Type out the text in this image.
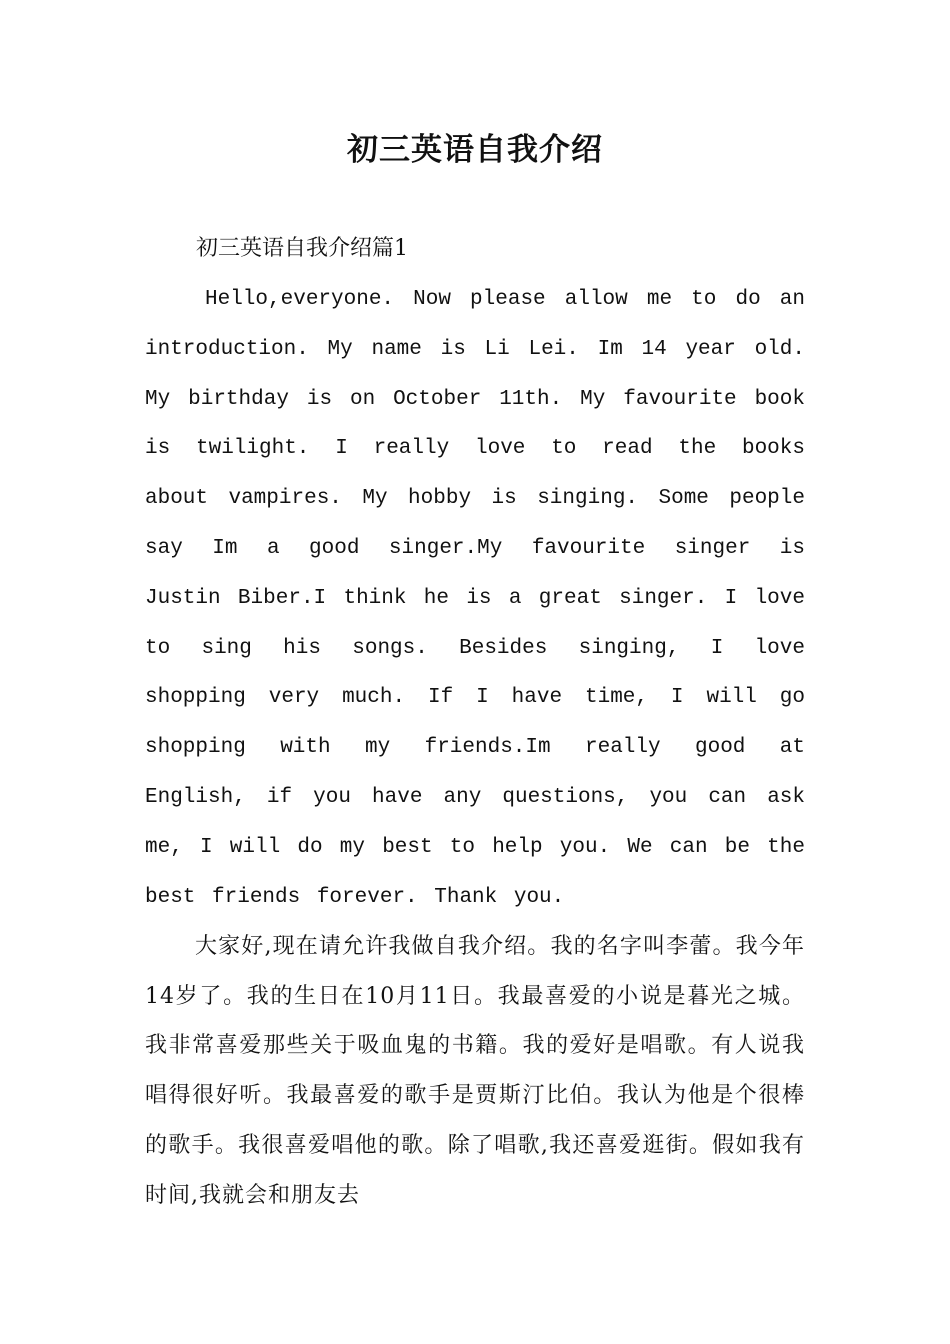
初三英语自我介绍
初三英语自我介绍篇1

Hello,everyone. Now please allow me to do an introduction. My name is Li Lei. Im 14 year old. My birthday is on October 11th. My favourite book is twilight. I really love to read the books about vampires. My hobby is singing. Some people say Im a good singer.My favourite singer is Justin Biber.I think he is a great singer. I love to sing his songs. Besides singing, I love shopping very much. If I have time, I will go shopping with my friends.Im really good at English, if you have any questions, you can ask me, I will do my best to help you. We can be the best friends forever. Thank you.

大家好,现在请允许我做自我介绍。我的名字叫李蕾。我今年14岁了。我的生日在10月11日。我最喜爱的小说是暮光之城。我非常喜爱那些关于吸血鬼的书籍。我的爱好是唱歌。有人说我唱得很好听。我最喜爱的歌手是贾斯汀比伯。我认为他是个很棒的歌手。我很喜爱唱他的歌。除了唱歌,我还喜爱逛街。假如我有时间,我就会和朋友去
